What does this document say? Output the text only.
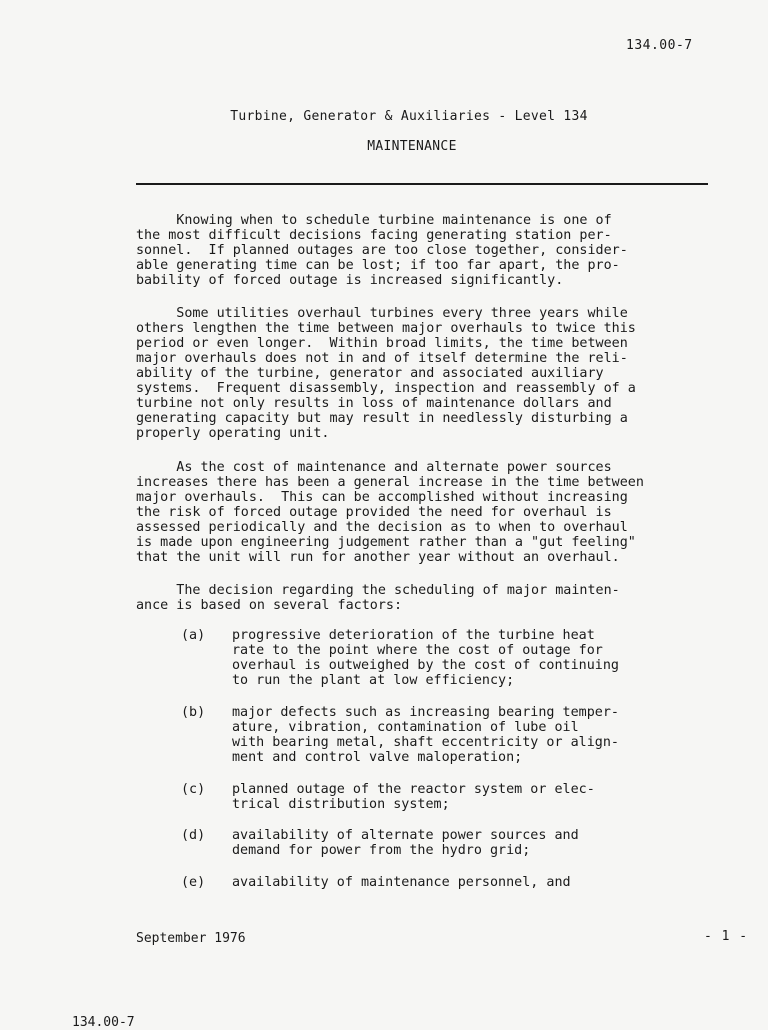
134.00-7
Turbine, Generator & Auxiliaries - Level 134
MAINTENANCE
Knowing when to schedule turbine maintenance is one of
the most difficult decisions facing generating station per-
sonnel.  If planned outages are too close together, consider-
able generating time can be lost; if too far apart, the pro-
bability of forced outage is increased significantly.
Some utilities overhaul turbines every three years while
others lengthen the time between major overhauls to twice this
period or even longer.  Within broad limits, the time between
major overhauls does not in and of itself determine the reli-
ability of the turbine, generator and associated auxiliary
systems.  Frequent disassembly, inspection and reassembly of a
turbine not only results in loss of maintenance dollars and
generating capacity but may result in needlessly disturbing a
properly operating unit.
As the cost of maintenance and alternate power sources
increases there has been a general increase in the time between
major overhauls.  This can be accomplished without increasing
the risk of forced outage provided the need for overhaul is
assessed periodically and the decision as to when to overhaul
is made upon engineering judgement rather than a "gut feeling"
that the unit will run for another year without an overhaul.
The decision regarding the scheduling of major mainten-
ance is based on several factors:
(a) progressive deterioration of the turbine heat
rate to the point where the cost of outage for
overhaul is outweighed by the cost of continuing
to run the plant at low efficiency;
(b) major defects such as increasing bearing temper-
ature, vibration, contamination of lube oil
with bearing metal, shaft eccentricity or align-
ment and control valve maloperation;
(c) planned outage of the reactor system or elec-
trical distribution system;
(d) availability of alternate power sources and
demand for power from the hydro grid;
(e) availability of maintenance personnel, and
September 1976	- 1 -
134.00-7
